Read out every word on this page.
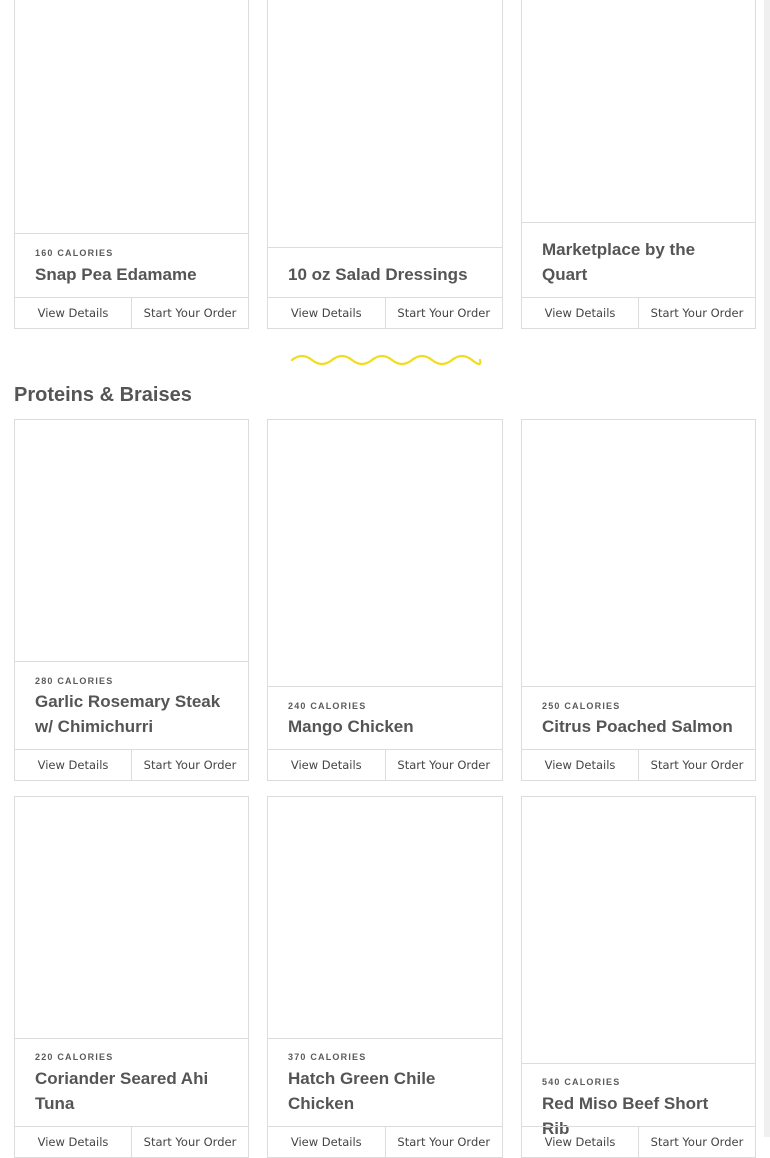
160 CALORIES
Snap Pea Edamame
View Details	Start Your Order
10 oz Salad Dressings
View Details	Start Your Order
Marketplace by the Quart
View Details	Start Your Order
Proteins & Braises
280 CALORIES
Garlic Rosemary Steak w/ Chimichurri
View Details	Start Your Order
240 CALORIES
Mango Chicken
View Details	Start Your Order
250 CALORIES
Citrus Poached Salmon
View Details	Start Your Order
220 CALORIES
Coriander Seared Ahi Tuna
View Details	Start Your Order
370 CALORIES
Hatch Green Chile Chicken
View Details	Start Your Order
540 CALORIES
Red Miso Beef Short Rib
View Details	Start Your Order
